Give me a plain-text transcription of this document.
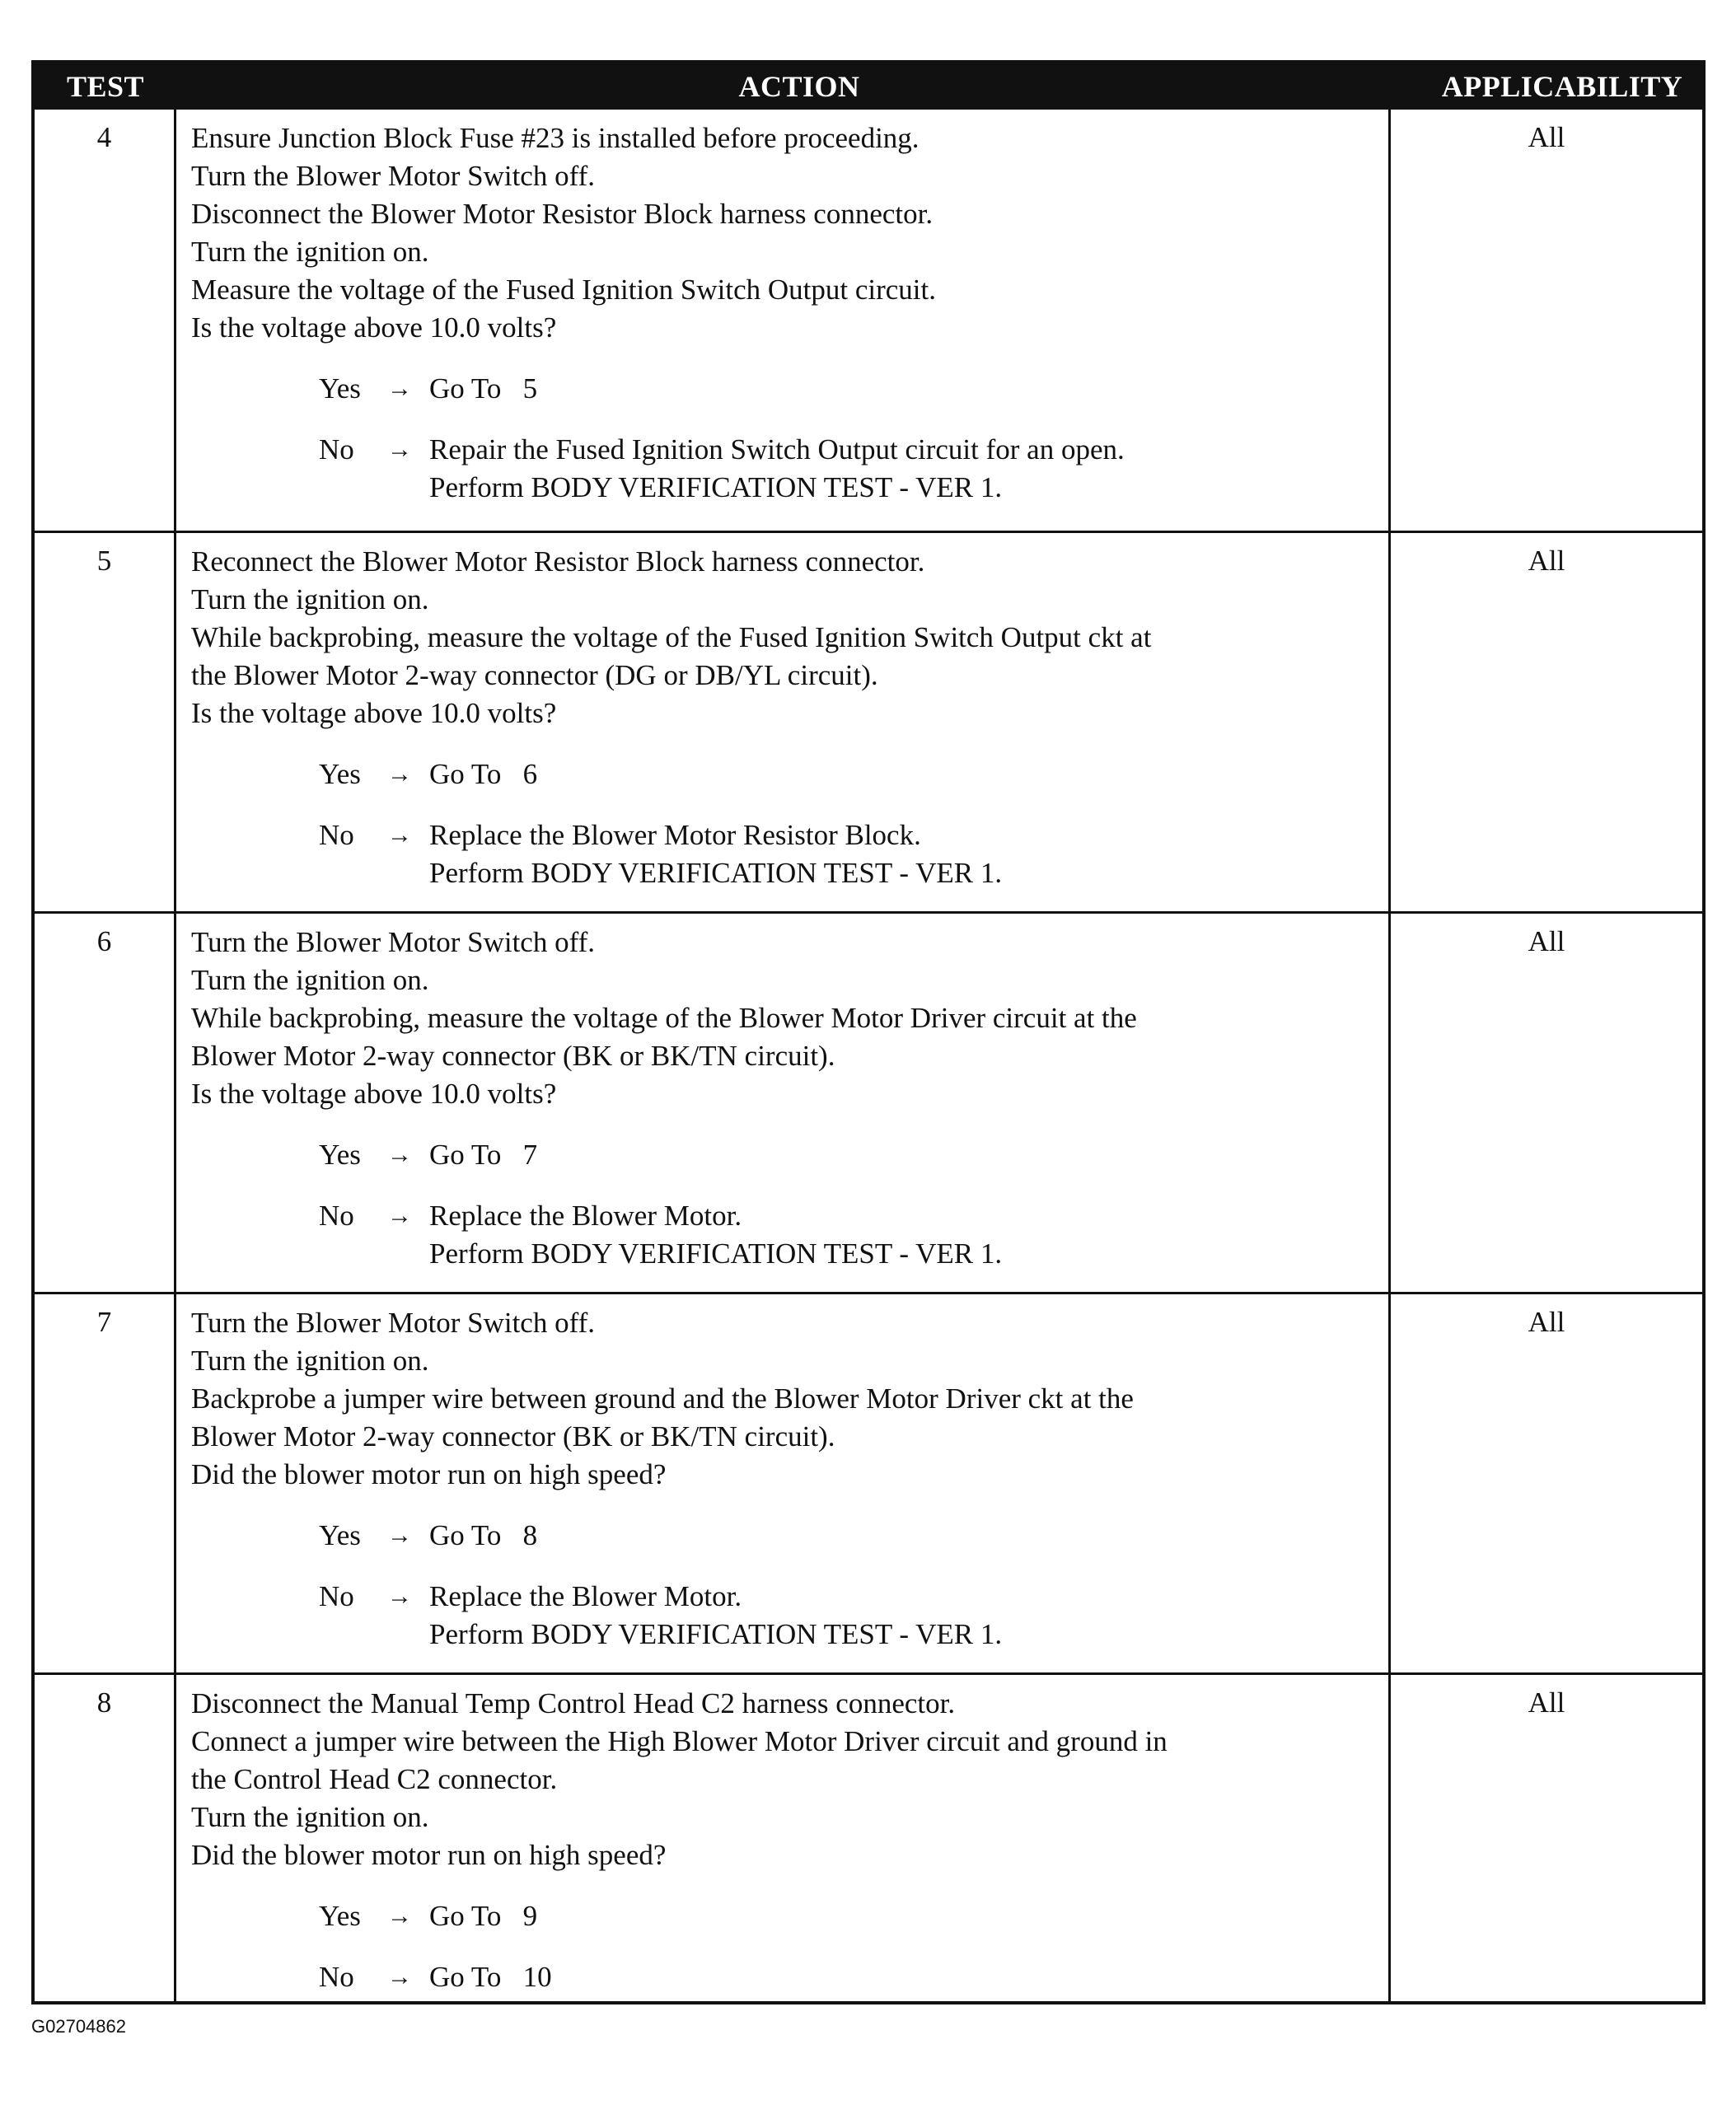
TEST	ACTION	APPLICABILITY
4	Ensure Junction Block Fuse #23 is installed before proceeding.
Turn the Blower Motor Switch off.
Disconnect the Blower Motor Resistor Block harness connector.
Turn the ignition on.
Measure the voltage of the Fused Ignition Switch Output circuit.
Is the voltage above 10.0 volts?
Yes	→ Go To   5
No	→ Repair the Fused Ignition Switch Output circuit for an open.
Perform BODY VERIFICATION TEST - VER 1.
All
5	Reconnect the Blower Motor Resistor Block harness connector.
Turn the ignition on.
While backprobing, measure the voltage of the Fused Ignition Switch Output ckt at
the Blower Motor 2-way connector (DG or DB/YL circuit).
Is the voltage above 10.0 volts?
Yes	→ Go To   6
No	→ Replace the Blower Motor Resistor Block.
Perform BODY VERIFICATION TEST - VER 1.
All
6	Turn the Blower Motor Switch off.
Turn the ignition on.
While backprobing, measure the voltage of the Blower Motor Driver circuit at the
Blower Motor 2-way connector (BK or BK/TN circuit).
Is the voltage above 10.0 volts?
Yes	→ Go To   7
No	→ Replace the Blower Motor.
Perform BODY VERIFICATION TEST - VER 1.
All
7	Turn the Blower Motor Switch off.
Turn the ignition on.
Backprobe a jumper wire between ground and the Blower Motor Driver ckt at the
Blower Motor 2-way connector (BK or BK/TN circuit).
Did the blower motor run on high speed?
Yes	→ Go To   8
No	→ Replace the Blower Motor.
Perform BODY VERIFICATION TEST - VER 1.
All
8	Disconnect the Manual Temp Control Head C2 harness connector.
Connect a jumper wire between the High Blower Motor Driver circuit and ground in
the Control Head C2 connector.
Turn the ignition on.
Did the blower motor run on high speed?
Yes	→ Go To   9
No	→ Go To   10
All
G02704862
